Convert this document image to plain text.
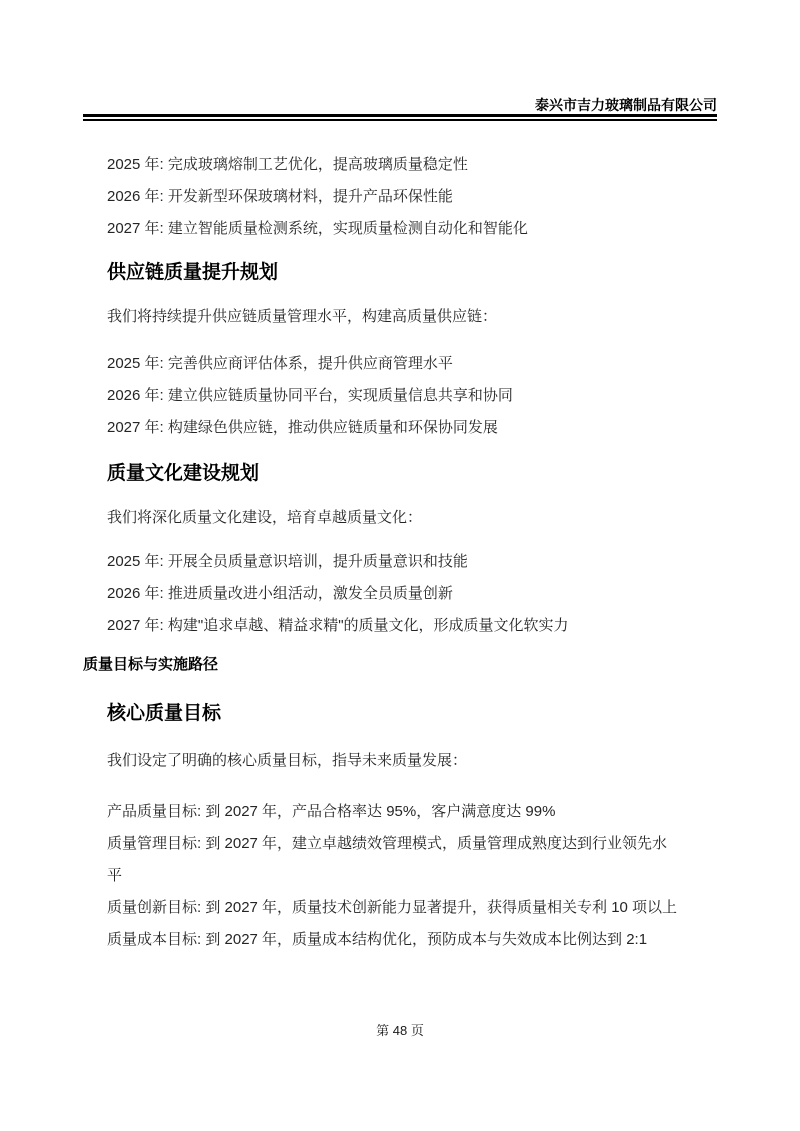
泰兴市吉力玻璃制品有限公司
2025 年: 完成玻璃熔制工艺优化，提高玻璃质量稳定性
2026 年: 开发新型环保玻璃材料，提升产品环保性能
2027 年: 建立智能质量检测系统，实现质量检测自动化和智能化
供应链质量提升规划
我们将持续提升供应链质量管理水平，构建高质量供应链：
2025 年: 完善供应商评估体系，提升供应商管理水平
2026 年: 建立供应链质量协同平台，实现质量信息共享和协同
2027 年: 构建绿色供应链，推动供应链质量和环保协同发展
质量文化建设规划
我们将深化质量文化建设，培育卓越质量文化：
2025 年: 开展全员质量意识培训，提升质量意识和技能
2026 年: 推进质量改进小组活动，激发全员质量创新
2027 年: 构建"追求卓越、精益求精"的质量文化，形成质量文化软实力
质量目标与实施路径
核心质量目标
我们设定了明确的核心质量目标，指导未来质量发展：
产品质量目标: 到 2027 年，产品合格率达 95%，客户满意度达 99%
质量管理目标: 到 2027 年，建立卓越绩效管理模式，质量管理成熟度达到行业领先水平
质量创新目标: 到 2027 年，质量技术创新能力显著提升，获得质量相关专利 10 项以上
质量成本目标: 到 2027 年，质量成本结构优化，预防成本与失效成本比例达到 2:1
第 48 页
